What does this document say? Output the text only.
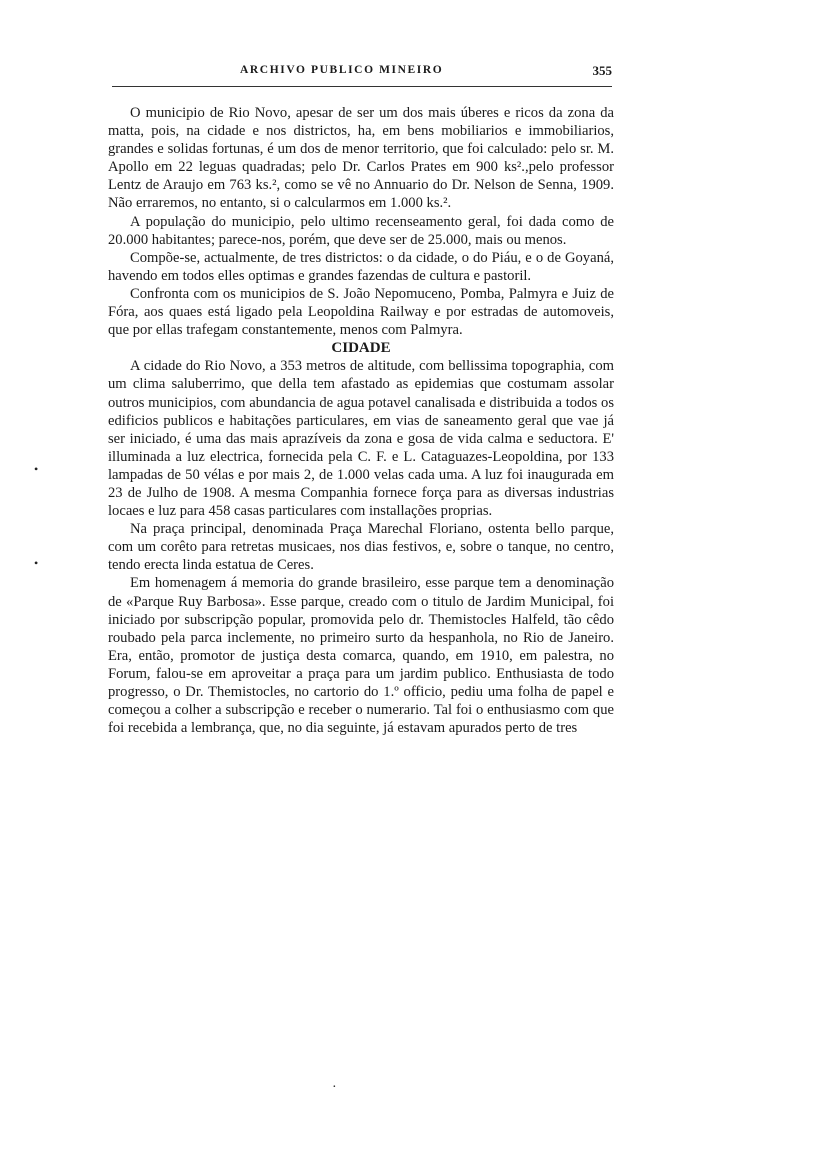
ARCHIVO PUBLICO MINEIRO	355
•
•

O municipio de Rio Novo, apesar de ser um dos mais úberes e ricos da zona da matta, pois, na cidade e nos districtos, ha, em bens mobiliarios e immobiliarios, grandes e solidas fortunas, é um dos de menor territorio, que foi calculado: pelo sr. M. Apollo em 22 leguas quadradas; pelo Dr. Carlos Prates em 900 ks².,pelo professor Lentz de Araujo em 763 ks.², como se vê no Annuario do Dr. Nelson de Senna, 1909. Não erraremos, no entanto, si o calcularmos em 1.000 ks.².

A população do municipio, pelo ultimo recenseamento geral, foi dada como de 20.000 habitantes; parece-nos, porém, que deve ser de 25.000, mais ou menos.

Compõe-se, actualmente, de tres districtos: o da cidade, o do Piáu, e o de Goyaná, havendo em todos elles optimas e grandes fazendas de cultura e pastoril.

Confronta com os municipios de S. João Nepomuceno, Pomba, Palmyra e Juiz de Fóra, aos quaes está ligado pela Leopoldina Railway e por estradas de automoveis, que por ellas trafegam constantemente, menos com Palmyra.

CIDADE

A cidade do Rio Novo, a 353 metros de altitude, com bellissima topographia, com um clima saluberrimo, que della tem afastado as epidemias que costumam assolar outros municipios, com abundancia de agua potavel canalisada e distribuida a todos os edificios publicos e habitações particulares, em vias de saneamento geral que vae já ser iniciado, é uma das mais aprazíveis da zona e gosa de vida calma e seductora. E' illuminada a luz electrica, fornecida pela C. F. e L. Cataguazes-Leopoldina, por 133 lampadas de 50 vélas e por mais 2, de 1.000 velas cada uma. A luz foi inaugurada em 23 de Julho de 1908. A mesma Companhia fornece força para as diversas industrias locaes e luz para 458 casas particulares com installações proprias.

Na praça principal, denominada Praça Marechal Floriano, ostenta bello parque, com um corêto para retretas musicaes, nos dias festivos, e, sobre o tanque, no centro, tendo erecta linda estatua de Ceres.

Em homenagem á memoria do grande brasileiro, esse parque tem a denominação de «Parque Ruy Barbosa». Esse parque, creado com o titulo de Jardim Municipal, foi iniciado por subscripção popular, promovida pelo dr. Themistocles Halfeld, tão cêdo roubado pela parca inclemente, no primeiro surto da hespanhola, no Rio de Janeiro. Era, então, promotor de justiça desta comarca, quando, em 1910, em palestra, no Forum, falou-se em aproveitar a praça para um jardim publico. Enthusiasta de todo progresso, o Dr. Themistocles, no cartorio do 1.º officio, pediu uma folha de papel e começou a colher a subscripção e receber o numerario. Tal foi o enthusiasmo com que foi recebida a lembrança, que, no dia seguinte, já estavam apurados perto de tres

·
